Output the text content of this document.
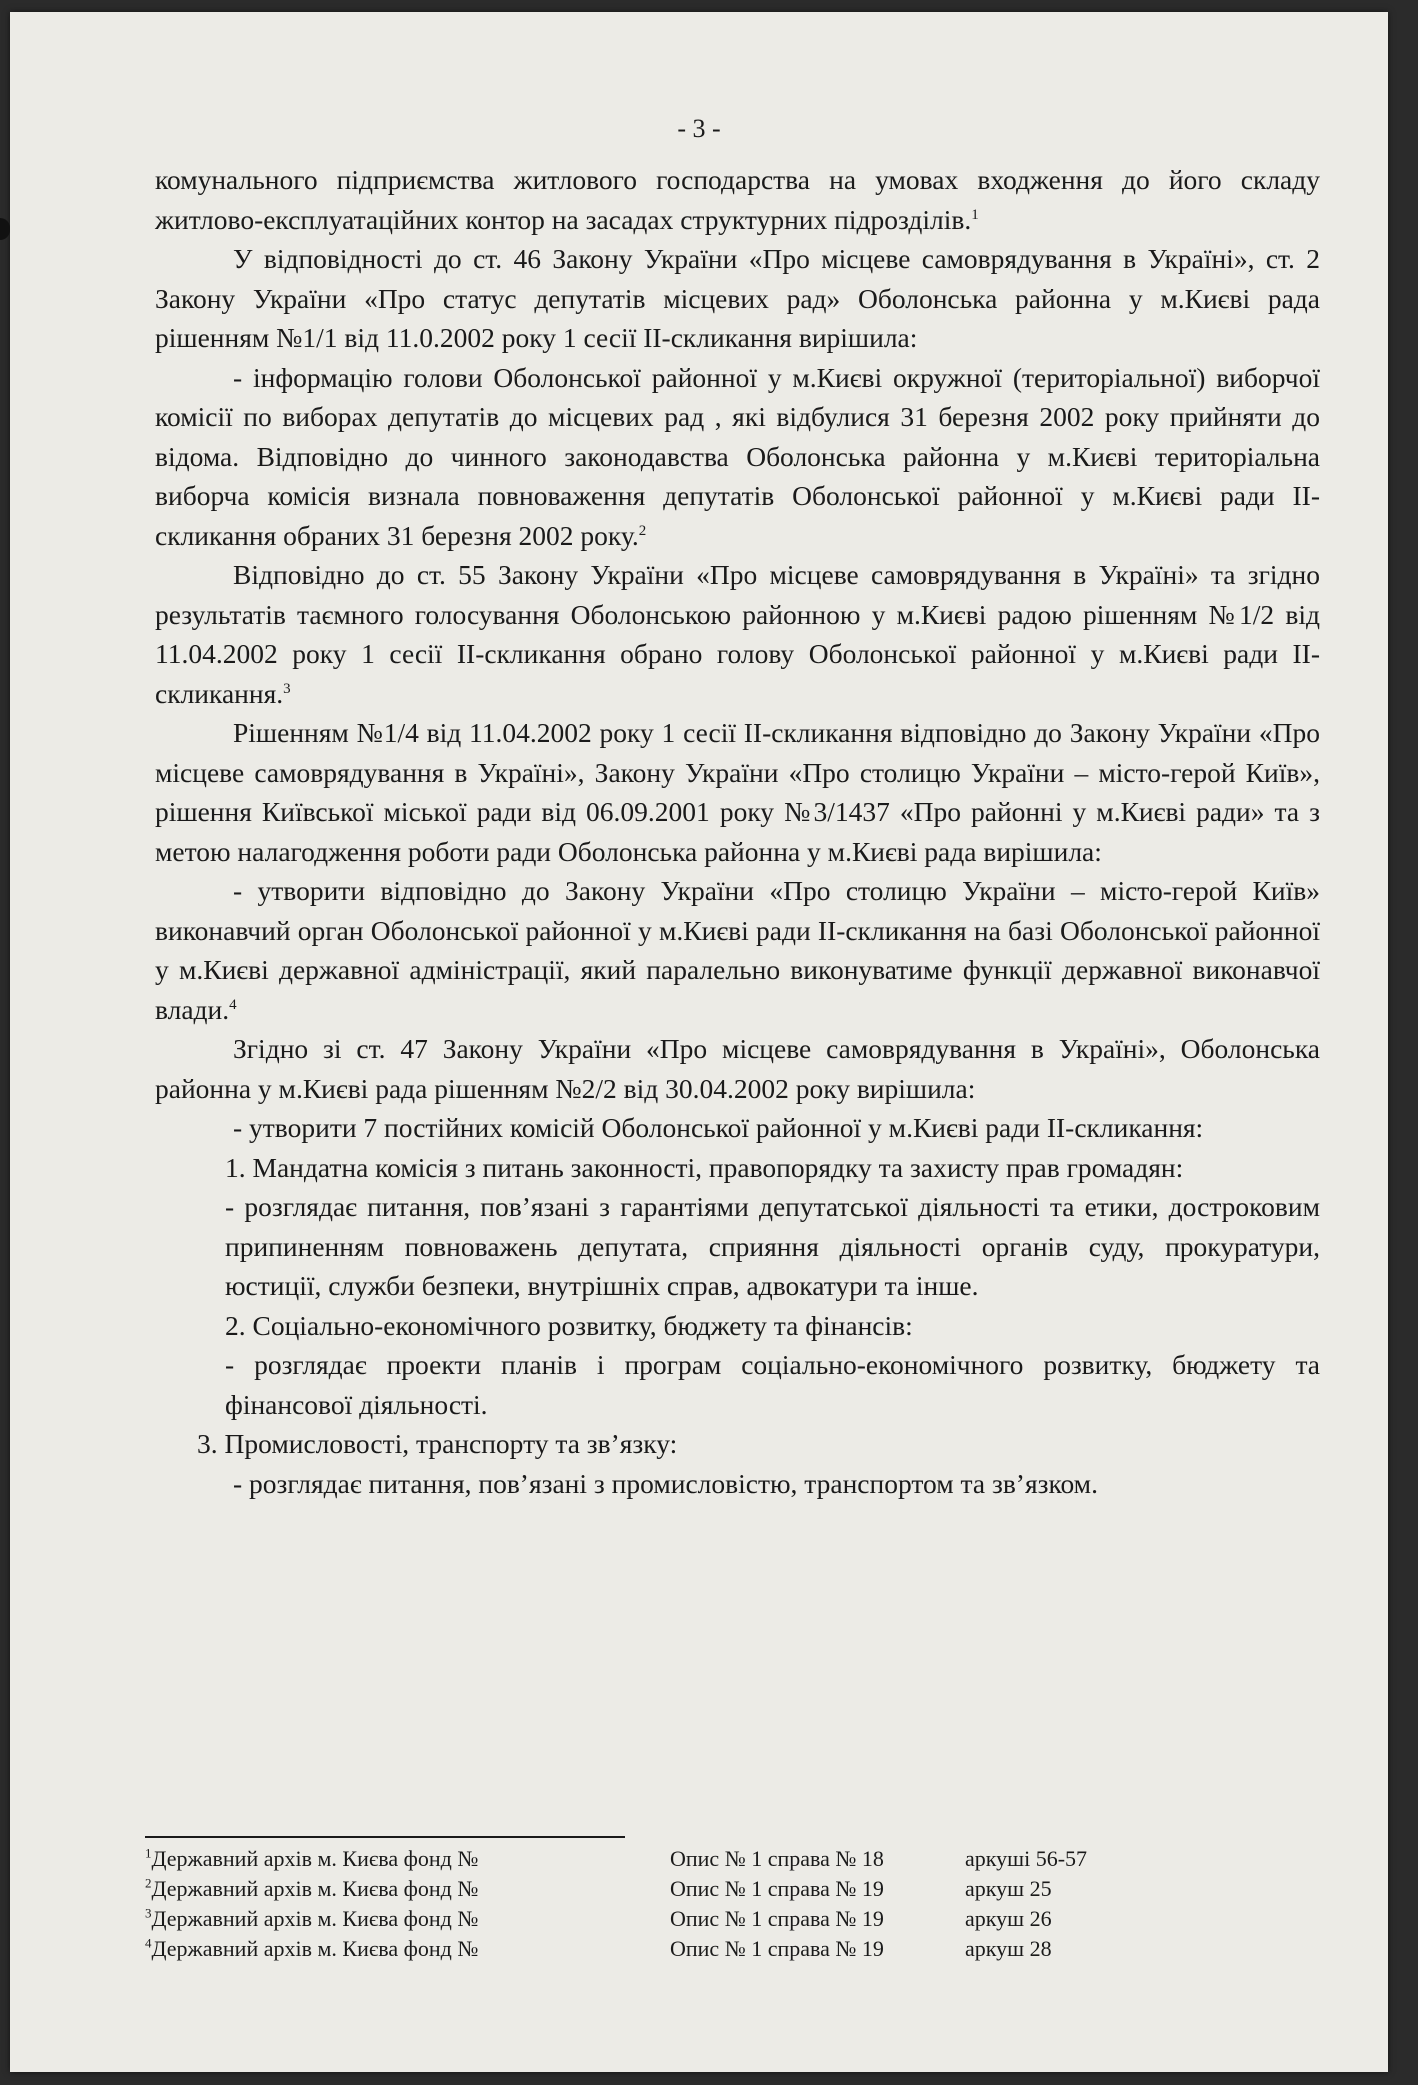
- 3 -

комунального підприємства житлового господарства на умовах входження до його складу житлово-експлуатаційних контор на засадах структурних підрозділів.$^1$

У відповідності до ст. 46 Закону України «Про місцеве самоврядування в Україні», ст. 2 Закону України «Про статус депутатів місцевих рад» Оболонська районна у м.Києві рада рішенням №1/1 від 11.0.2002 року 1 сесії ІІ-скликання вирішила:

- інформацію голови Оболонської районної у м.Києві окружної (територіальної) виборчої комісії по виборах депутатів до місцевих рад , які відбулися 31 березня 2002 року прийняти до відома. Відповідно до чинного законодавства Оболонська районна у м.Києві територіальна виборча комісія визнала повноваження депутатів Оболонської районної у м.Києві ради ІІ-скликання обраних 31 березня 2002 року.$^2$

Відповідно до ст. 55 Закону України «Про місцеве самоврядування в Україні» та згідно результатів таємного голосування Оболонською районною у м.Києві радою рішенням №1/2 від 11.04.2002 року 1 сесії ІІ-скликання обрано голову Оболонської районної у м.Києві ради ІІ-скликання.$^3$

Рішенням №1/4 від 11.04.2002 року 1 сесії ІІ-скликання відповідно до Закону України «Про місцеве самоврядування в Україні», Закону України «Про столицю України – місто-герой Київ», рішення Київської міської ради від 06.09.2001 року №3/1437 «Про районні у м.Києві ради» та з метою налагодження роботи ради Оболонська районна у м.Києві рада вирішила:

- утворити відповідно до Закону України «Про столицю України – місто-герой Київ» виконавчий орган Оболонської районної у м.Києві ради ІІ-скликання на базі Оболонської районної у м.Києві державної адміністрації, який паралельно виконуватиме функції державної виконавчої влади.$^4$

Згідно зі ст. 47 Закону України «Про місцеве самоврядування в Україні», Оболонська районна у м.Києві рада рішенням №2/2 від 30.04.2002 року вирішила:

- утворити 7 постійних комісій Оболонської районної у м.Києві ради ІІ-скликання:

1. Мандатна комісія з питань законності, правопорядку та захисту прав громадян:

- розглядає питання, пов’язані з гарантіями депутатської діяльності та етики, достроковим припиненням повноважень депутата, сприяння діяльності органів суду, прокуратури, юстиції, служби безпеки, внутрішніх справ, адвокатури та інше.

2. Соціально-економічного розвитку, бюджету та фінансів:

- розглядає проекти планів і програм соціально-економічного розвитку, бюджету та фінансової діяльності.

3. Промисловості, транспорту та зв’язку:

- розглядає питання, пов’язані з промисловістю, транспортом та зв’язком.

$^1$Державний архів м. Києва фонд №	Опис № 1 справа № 18	аркуші 56-57
$^2$Державний архів м. Києва фонд №	Опис № 1 справа № 19	аркуш 25
$^3$Державний архів м. Києва фонд №	Опис № 1 справа № 19	аркуш 26
$^4$Державний архів м. Києва фонд №	Опис № 1 справа № 19	аркуш 28
